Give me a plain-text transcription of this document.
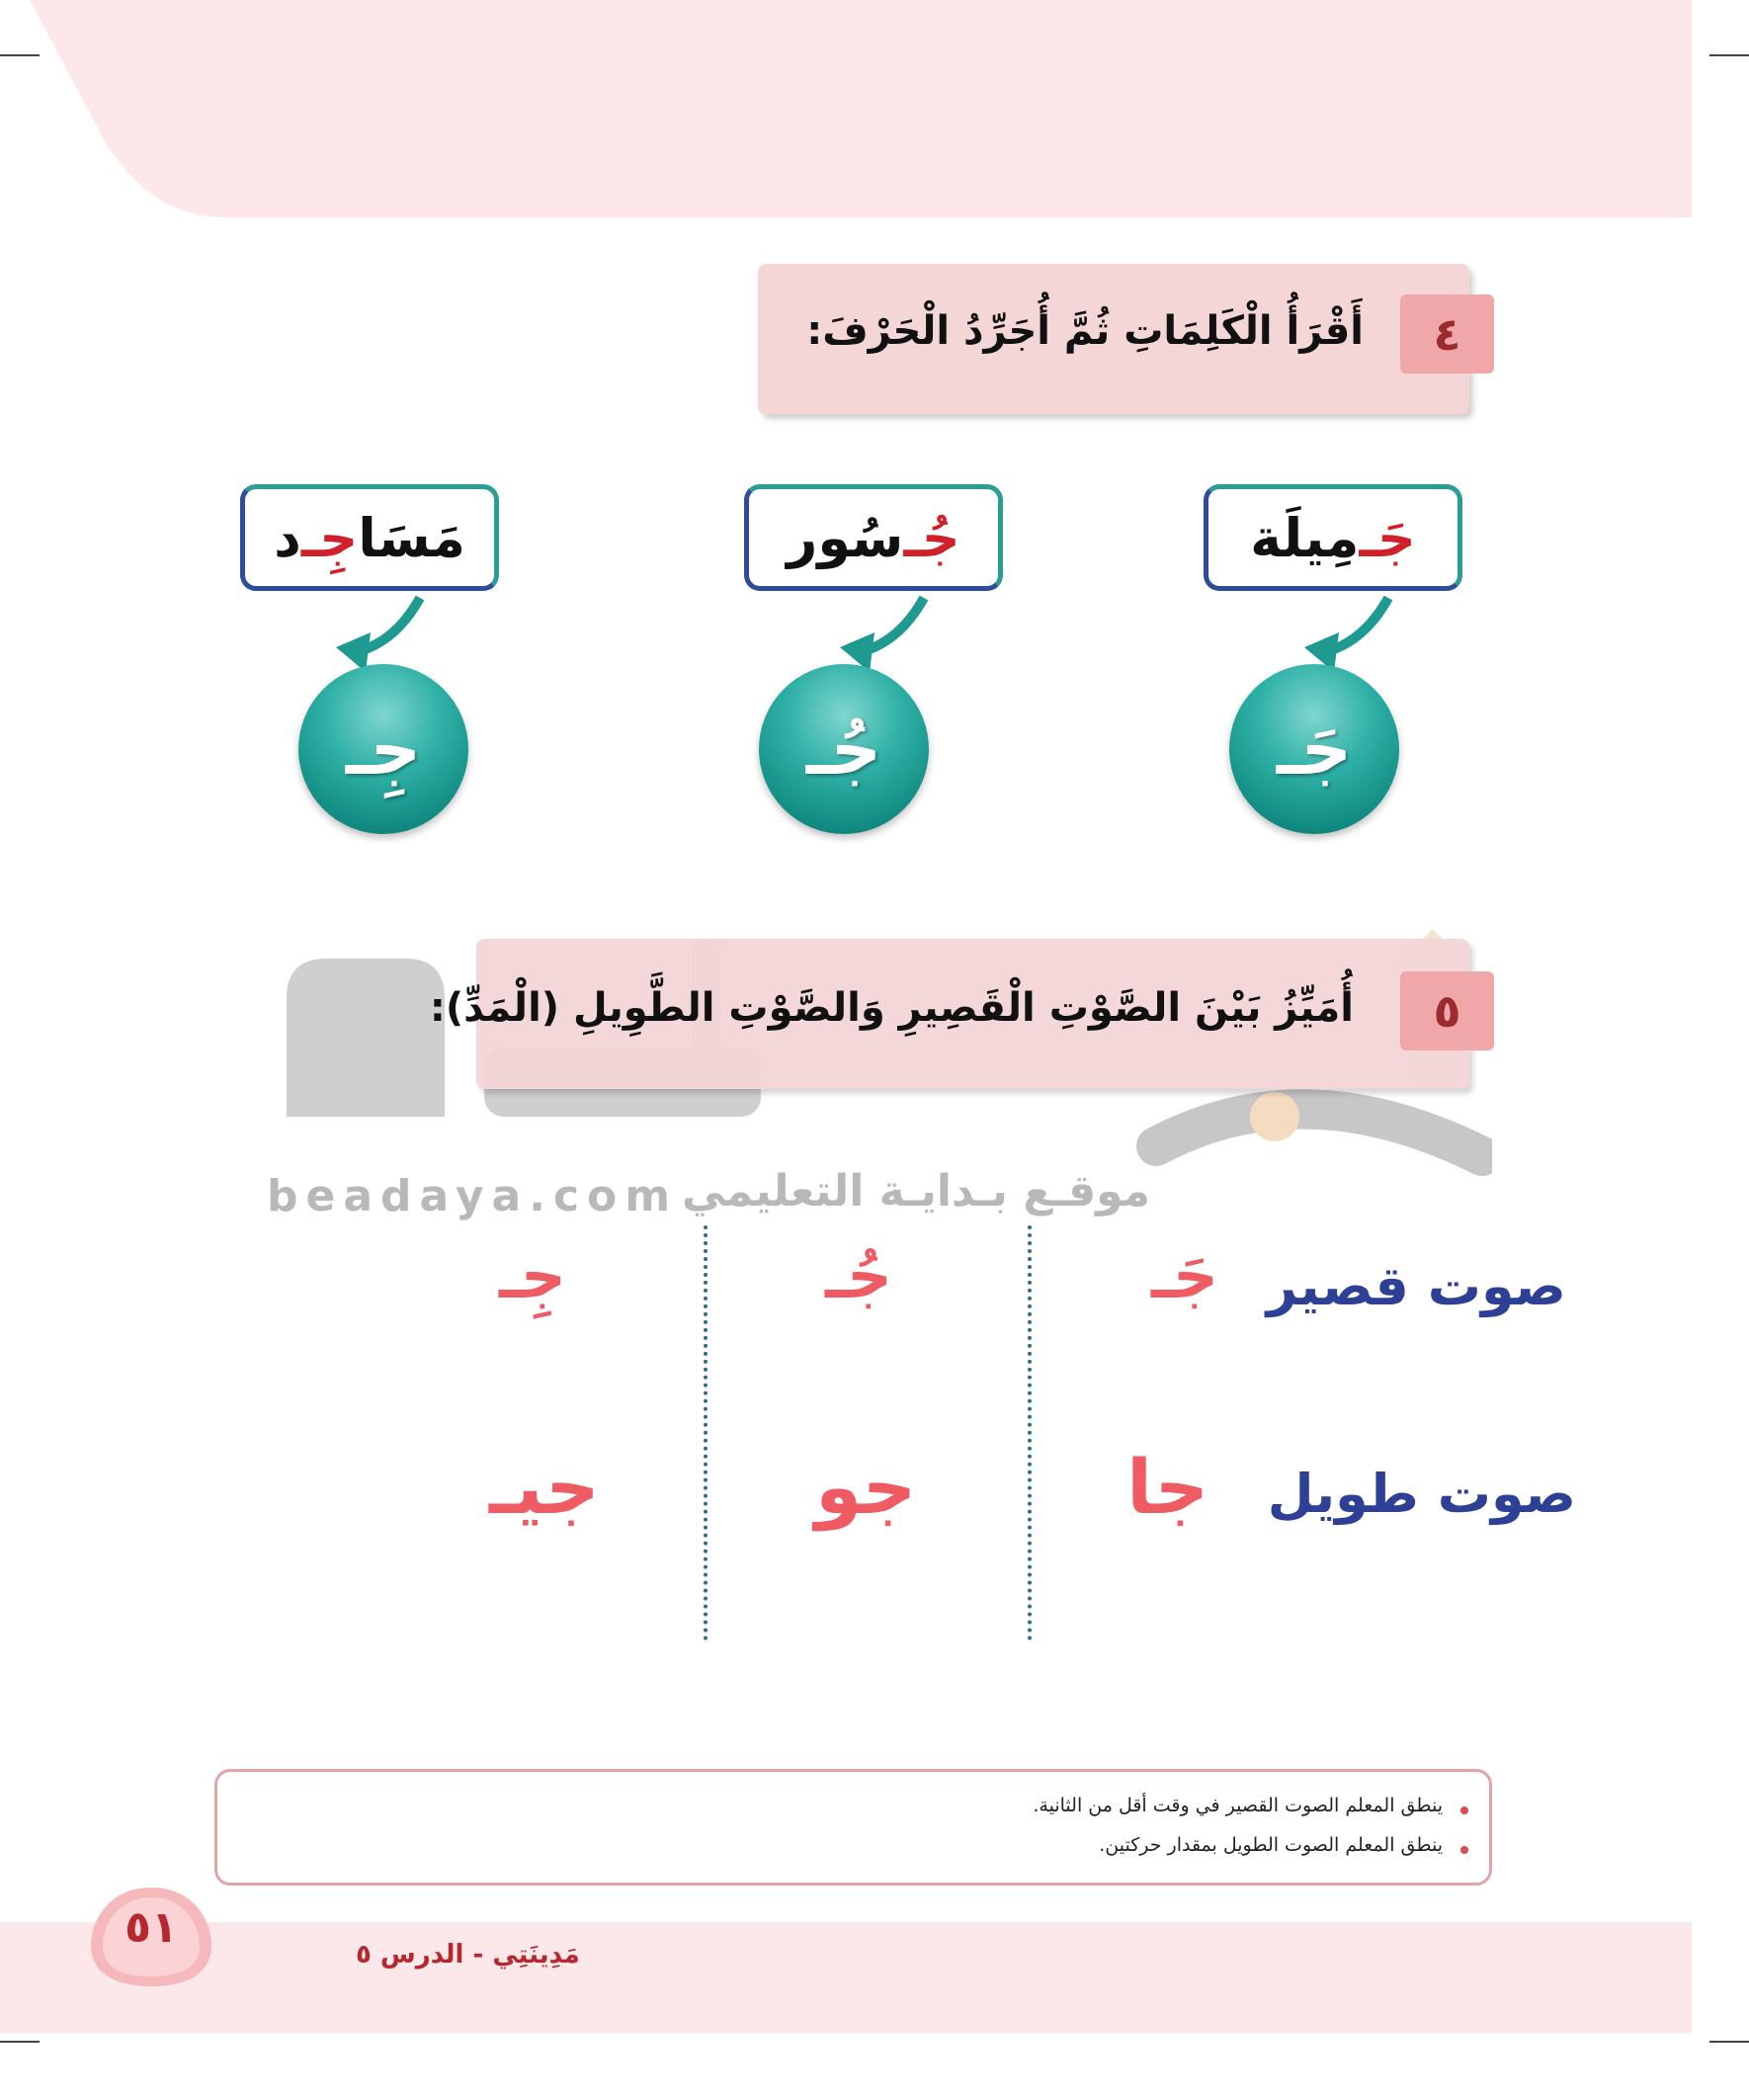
beadaya.com موقـع بـدايـة التعليمي
٤
أَقْرَأُ الْكَلِمَاتِ ثُمَّ أُجَرِّدُ الْحَرْفَ:
جَـ
مِيلَة
جُـ
سُور
مَسَا
جِـ
د
جَـ
جُـ
جِـ
٥
أُمَيِّزُ بَيْنَ الصَّوْتِ الْقَصِيرِ وَالصَّوْتِ الطَّوِيلِ (الْمَدِّ):
صوت قصير
صوت طويل
جَـ
جُـ
جِـ
جا
جو
جيـ
ينطق المعلم الصوت القصير في وقت أقل من الثانية.
ينطق المعلم الصوت الطويل بمقدار حركتين.
٥١
مَدِينَتِي - الدرس ٥
